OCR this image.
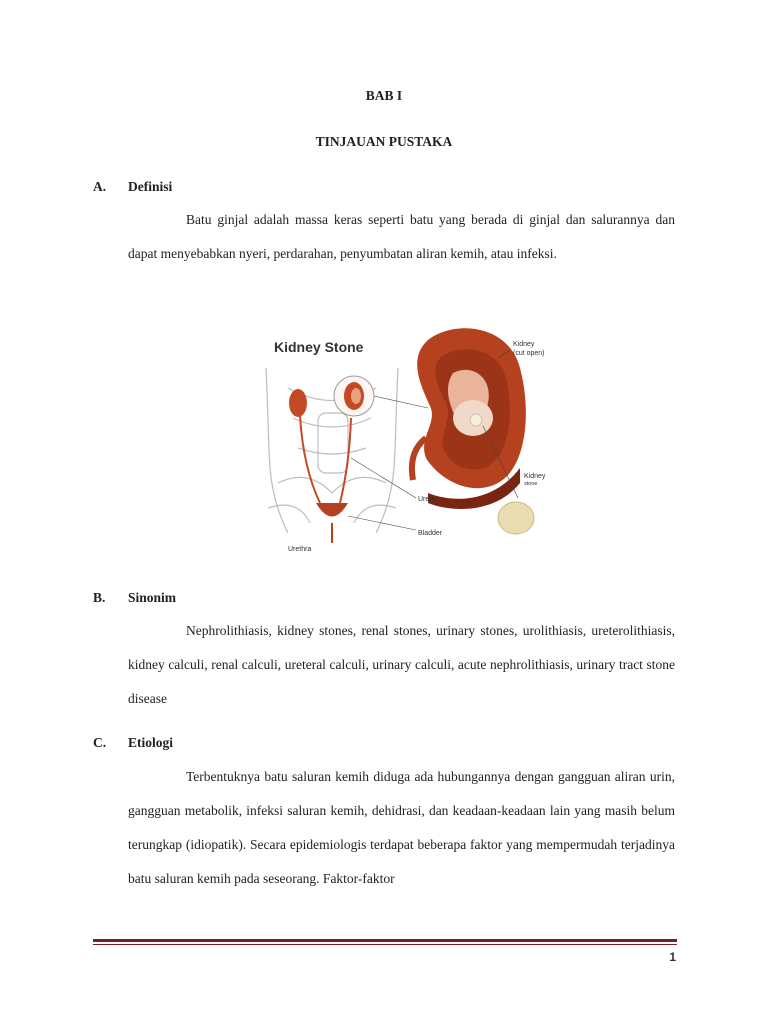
BAB I
TINJAUAN PUSTAKA
A. Definisi

Batu ginjal adalah massa keras seperti batu yang berada di ginjal dan salurannya dan dapat menyebabkan nyeri, perdarahan, penyumbatan aliran kemih, atau infeksi.

Kidney Stone	Kidney
(cut open)
Kidney
stone
Ureter
Bladder
Urethra
B. Sinonim

Nephrolithiasis, kidney stones, renal stones, urinary stones, urolithiasis, ureterolithiasis, kidney calculi, renal calculi, ureteral calculi, urinary calculi, acute nephrolithiasis, urinary tract stone disease

C. Etiologi

Terbentuknya batu saluran kemih diduga ada hubungannya dengan gangguan aliran urin, gangguan metabolik, infeksi saluran kemih, dehidrasi, dan keadaan-keadaan lain yang masih belum terungkap (idiopatik). Secara epidemiologis terdapat beberapa faktor yang mempermudah terjadinya batu saluran kemih pada seseorang. Faktor-faktor

1
